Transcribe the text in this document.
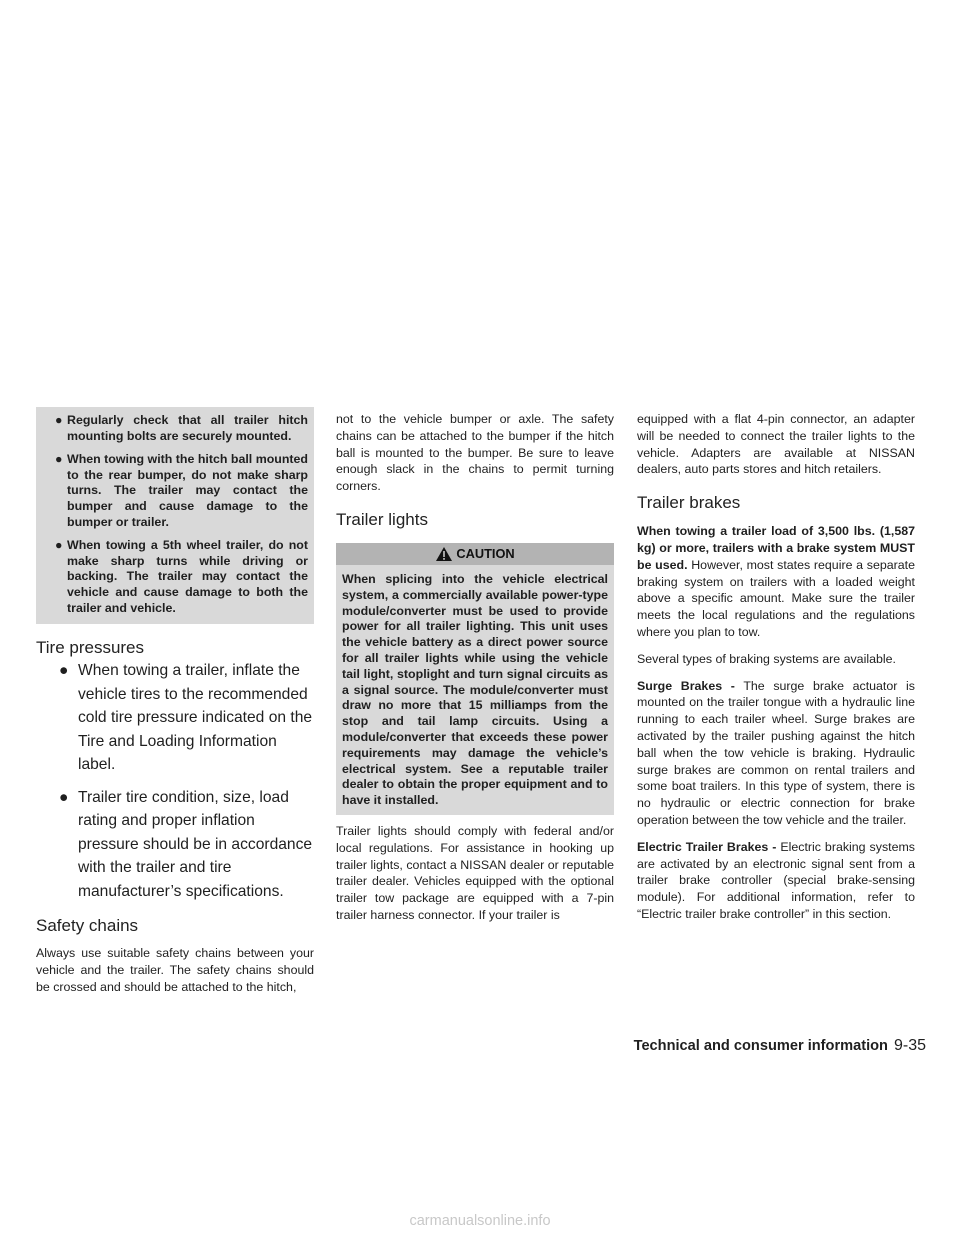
● Regularly check that all trailer hitch mounting bolts are securely mounted.
● When towing with the hitch ball mounted to the rear bumper, do not make sharp turns. The trailer may contact the bumper and cause damage to the bumper or trailer.
● When towing a 5th wheel trailer, do not make sharp turns while driving or backing. The trailer may contact the vehicle and cause damage to both the trailer and vehicle.
Tire pressures
● When towing a trailer, inflate the vehicle tires to the recommended cold tire pressure indicated on the Tire and Loading Information label.
● Trailer tire condition, size, load rating and proper inflation pressure should be in accordance with the trailer and tire manufacturer’s specifications.
Safety chains

Always use suitable safety chains between your vehicle and the trailer. The safety chains should be crossed and should be attached to the hitch,

not to the vehicle bumper or axle. The safety chains can be attached to the bumper if the hitch ball is mounted to the bumper. Be sure to leave enough slack in the chains to permit turning corners.

Trailer lights
CAUTION
When splicing into the vehicle electrical system, a commercially available power-type module/converter must be used to provide power for all trailer lighting. This unit uses the vehicle battery as a direct power source for all trailer lights while using the vehicle tail light, stoplight and turn signal circuits as a signal source. The module/converter must draw no more that 15 milliamps from the stop and tail lamp circuits. Using a module/converter that exceeds these power requirements may damage the vehicle’s electrical system. See a reputable trailer dealer to obtain the proper equipment and to have it installed.

Trailer lights should comply with federal and/or local regulations. For assistance in hooking up trailer lights, contact a NISSAN dealer or reputable trailer dealer. Vehicles equipped with the optional trailer tow package are equipped with a 7-pin trailer harness connector. If your trailer is

equipped with a flat 4-pin connector, an adapter will be needed to connect the trailer lights to the vehicle. Adapters are available at NISSAN dealers, auto parts stores and hitch retailers.

Trailer brakes

When towing a trailer load of 3,500 lbs. (1,587 kg) or more, trailers with a brake system MUST be used. However, most states require a separate braking system on trailers with a loaded weight above a specific amount. Make sure the trailer meets the local regulations and the regulations where you plan to tow.

Several types of braking systems are available.

Surge Brakes - The surge brake actuator is mounted on the trailer tongue with a hydraulic line running to each trailer wheel. Surge brakes are activated by the trailer pushing against the hitch ball when the tow vehicle is braking. Hydraulic surge brakes are common on rental trailers and some boat trailers. In this type of system, there is no hydraulic or electric connection for brake operation between the tow vehicle and the trailer.

Electric Trailer Brakes - Electric braking systems are activated by an electronic signal sent from a trailer brake controller (special brake-sensing module). For additional information, refer to “Electric trailer brake controller” in this section.

Technical and consumer information 9-35
carmanualsonline.info
